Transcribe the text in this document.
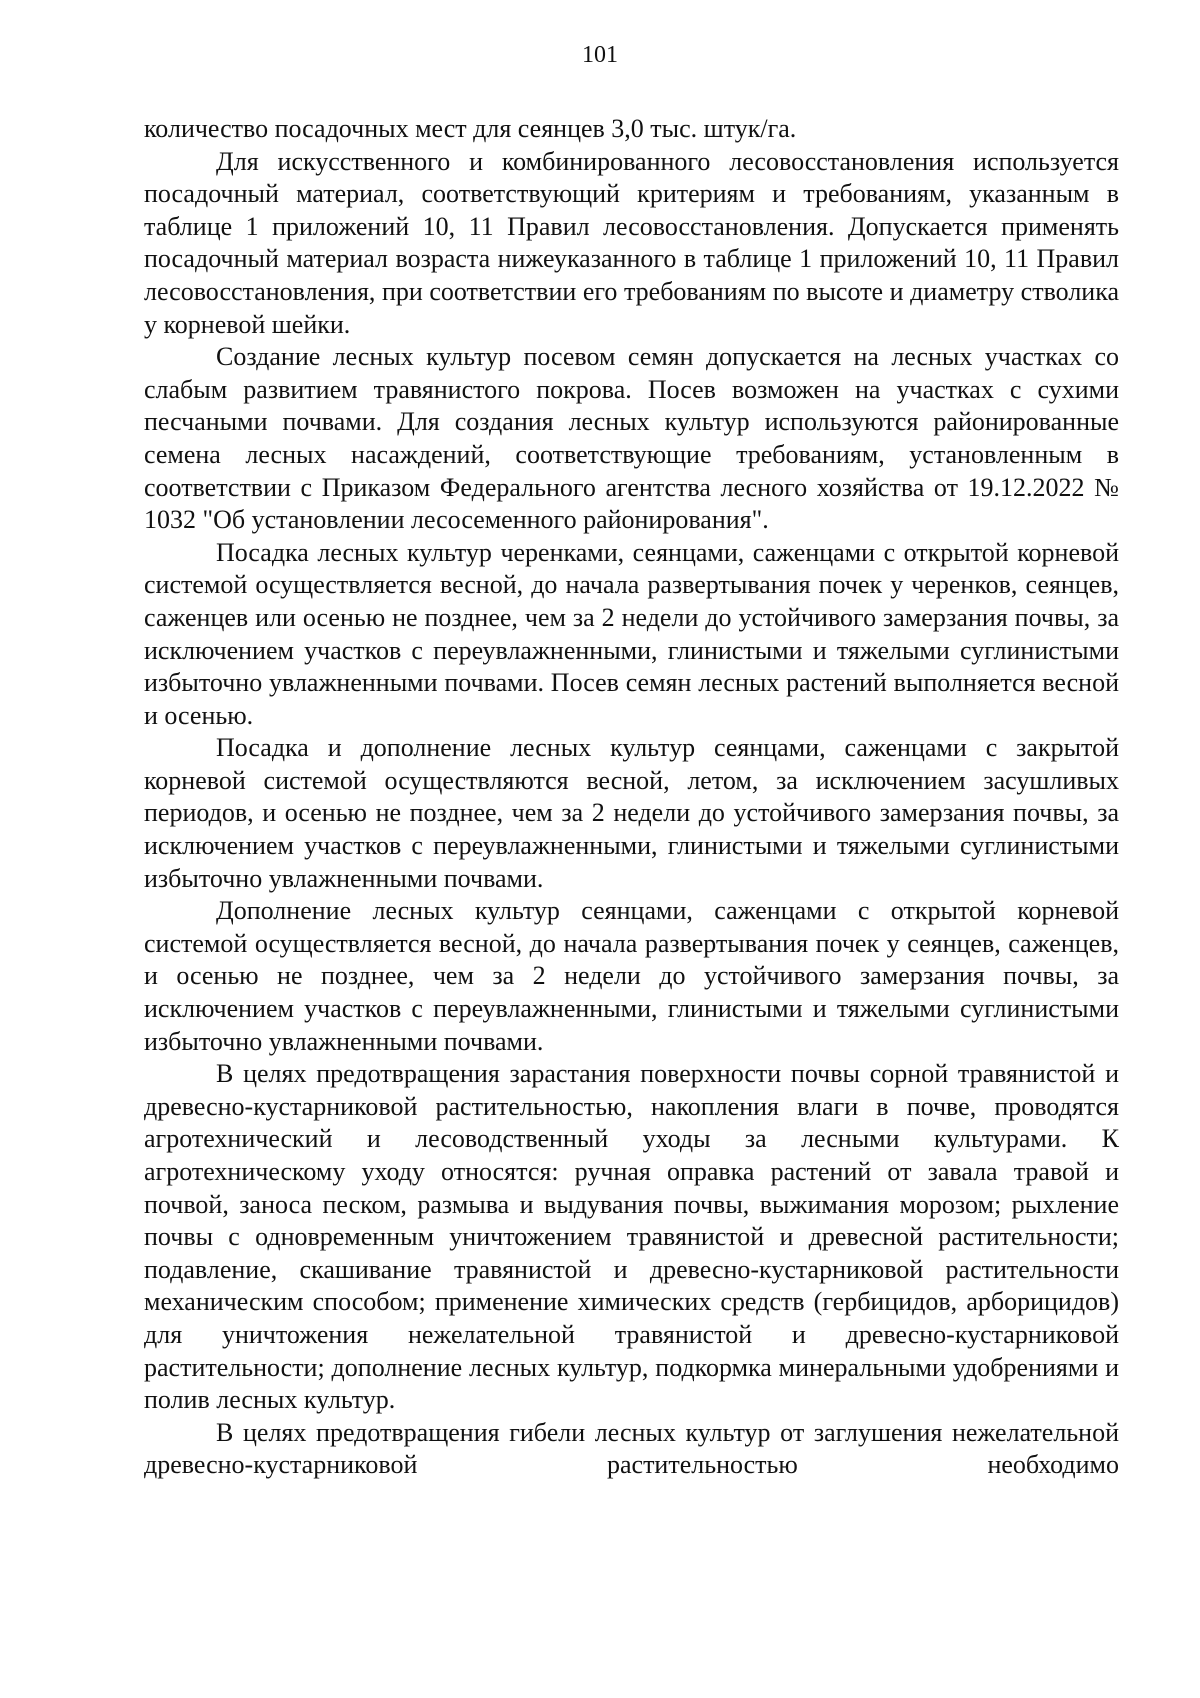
101

количество посадочных мест для сеянцев 3,0 тыс. штук/га.

Для искусственного и комбинированного лесовосстановления используется посадочный материал, соответствующий критериям и требованиям, указанным в таблице 1 приложений 10, 11 Правил лесовосстановления. Допускается применять посадочный материал возраста нижеуказанного в таблице 1 приложений 10, 11 Правил лесовосстановления, при соответствии его требованиям по высоте и диаметру стволика у корневой шейки.

Создание лесных культур посевом семян допускается на лесных участках со слабым развитием травянистого покрова. Посев возможен на участках с сухими песчаными почвами. Для создания лесных культур используются районированные семена лесных насаждений, соответствующие требованиям, установленным в соответствии с Приказом Федерального агентства лесного хозяйства от 19.12.2022 № 1032 "Об установлении лесосеменного районирования".

Посадка лесных культур черенками, сеянцами, саженцами с открытой корневой системой осуществляется весной, до начала развертывания почек у черенков, сеянцев, саженцев или осенью не позднее, чем за 2 недели до устойчивого замерзания почвы, за исключением участков с переувлажненными, глинистыми и тяжелыми суглинистыми избыточно увлажненными почвами. Посев семян лесных растений выполняется весной и осенью.

Посадка и дополнение лесных культур сеянцами, саженцами с закрытой корневой системой осуществляются весной, летом, за исключением засушливых периодов, и осенью не позднее, чем за 2 недели до устойчивого замерзания почвы, за исключением участков с переувлажненными, глинистыми и тяжелыми суглинистыми избыточно увлажненными почвами.

Дополнение лесных культур сеянцами, саженцами с открытой корневой системой осуществляется весной, до начала развертывания почек у сеянцев, саженцев, и осенью не позднее, чем за 2 недели до устойчивого замерзания почвы, за исключением участков с переувлажненными, глинистыми и тяжелыми суглинистыми избыточно увлажненными почвами.

В целях предотвращения зарастания поверхности почвы сорной травянистой и древесно-кустарниковой растительностью, накопления влаги в почве, проводятся агротехнический и лесоводственный уходы за лесными культурами. К агротехническому уходу относятся: ручная оправка растений от завала травой и почвой, заноса песком, размыва и выдувания почвы, выжимания морозом; рыхление почвы с одновременным уничтожением травянистой и древесной растительности; подавление, скашивание травянистой и древесно-кустарниковой растительности механическим способом; применение химических средств (гербицидов, арборицидов) для уничтожения нежелательной травянистой и древесно-кустарниковой растительности; дополнение лесных культур, подкормка минеральными удобрениями и полив лесных культур.

В целях предотвращения гибели лесных культур от заглушения нежелательной древесно-кустарниковой растительностью необходимо
